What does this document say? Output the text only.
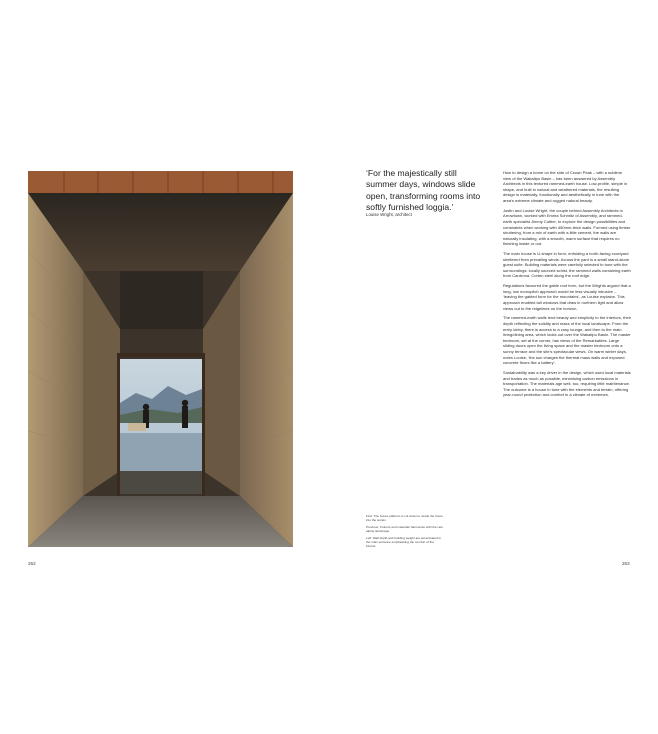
‘For the majestically still summer days, windows slide open, transforming rooms into softly furnished loggia.’
Louise Wright, architect

How to design a home on the side of Crown Peak – with a sublime view of the Wakatipu Basin – has been answered by Assembly Architects in this textured rammed-earth house. Low-profile, simple in shape, and built in natural and weathered materials, the resulting design is materially, functionally and aesthetically in tune with the area’s extreme climate and rugged natural beauty.

Justin and Louise Wright, the couple behind Assembly Architects in Arrowtown, worked with Emma Schmitz of Assembly, and rammed-earth specialist Jimmy Cottier, to explore the design possibilities and constraints when working with 450mm-thick walls. Formed using timber shuttering, from a mix of earth with a little cement, the walls are naturally insulating, with a smooth, warm surface that requires no finishing inside or out.

The main house is U-shape in form, enfolding a north-facing courtyard sheltered from prevailing winds. Across the yard is a small stand-alone guest suite. Building materials were carefully selected to tone with the surroundings: locally sourced schist, the rammed walls containing earth from Cardrona. Corten steel along the roof edge.

Regulations favoured the gable roof form, but the Wrights argued that a long, low monopitch approach would be less visually intrusive – ‘leaving the gabled form for the mountains’, as Louise explains. This approach enabled tall windows that draw in northern light and allow views out to the ridgelines on the horizon.

The rammed-earth walls lend beauty and simplicity to the interiors, their depth reflecting the solidity and mass of the local landscape. From the entry lobby, there is access to a cosy lounge, and then to the main living/dining area, which looks out over the Wakatipu Basin. The master bedroom, set at the corner, has views of the Remarkables. Large sliding doors open the living space and the master bedroom onto a sunny terrace and the site’s spectacular views. On warm winter days, notes Louise, ‘the sun charges the thermal mass walls and exposed concrete floors like a battery’.

Sustainability was a key driver in the design, which used local materials and trades as much as possible, minimising carbon emissions in transportation. The materials age well, too, requiring little maintenance. The outcome is a house in tune with the elements and terrain, offering year-round protection and comfort in a climate of extremes.

First: The house platform is cut down to nestle the home into the terrain.

Previous: Colours and materials harmonise with the rare alpine landscape.

Left: Wall depth and building weight are accentuated in the main entrance emphasising the comfort of the interior.

262	263
